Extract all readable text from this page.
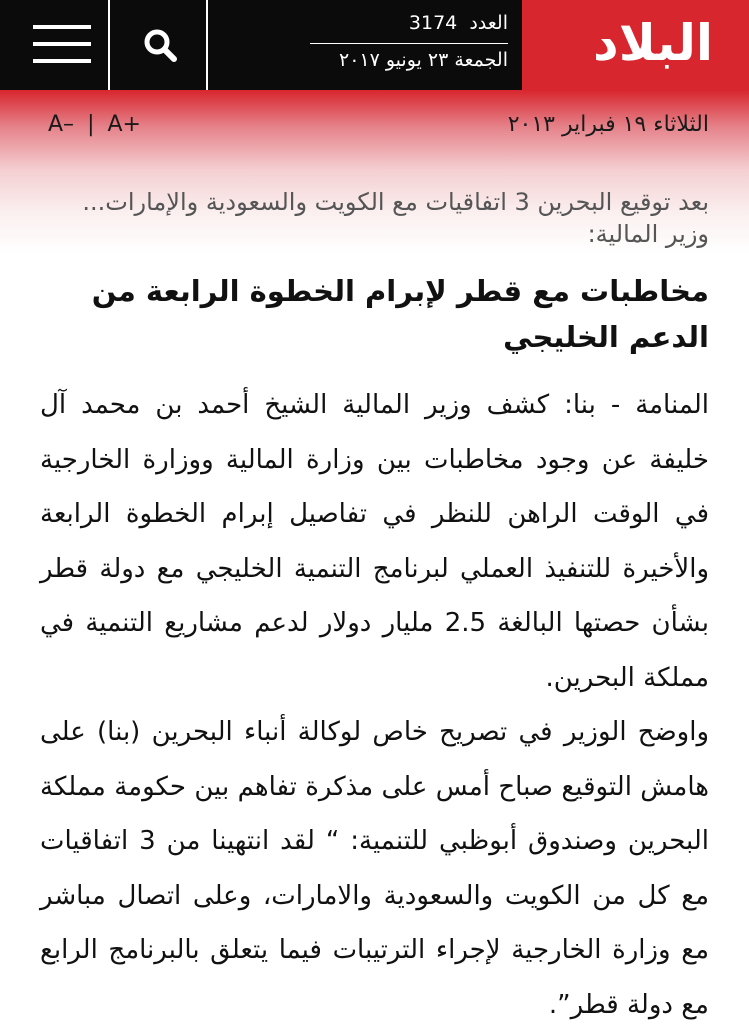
العدد 3174
الجمعة ٢٣ يونيو ٢٠١٧ البلاد
الثلاثاء ١٩ فبراير ٢٠١٣
A– | A+
بعد توقيع البحرين 3 اتفاقيات مع الكويت والسعودية والإمارات... وزير المالية:
مخاطبات مع قطر لإبرام الخطوة الرابعة من الدعم الخليجي

المنامة - بنا: كشف وزير المالية الشيخ أحمد بن محمد آل خليفة عن وجود مخاطبات بين وزارة المالية ووزارة الخارجية في الوقت الراهن للنظر في تفاصيل إبرام الخطوة الرابعة والأخيرة للتنفيذ العملي لبرنامج التنمية الخليجي مع دولة قطر بشأن حصتها البالغة 2.5 مليار دولار لدعم مشاريع التنمية في مملكة البحرين.

واوضح الوزير في تصريح خاص لوكالة أنباء البحرين (بنا) على هامش التوقيع صباح أمس على مذكرة تفاهم بين حكومة مملكة البحرين وصندوق أبوظبي للتنمية: “ لقد انتهينا من 3 اتفاقيات مع كل من الكويت والسعودية والامارات، وعلى اتصال مباشر مع وزارة الخارجية لإجراء الترتيبات فيما يتعلق بالبرنامج الرابع مع دولة قطر”.
